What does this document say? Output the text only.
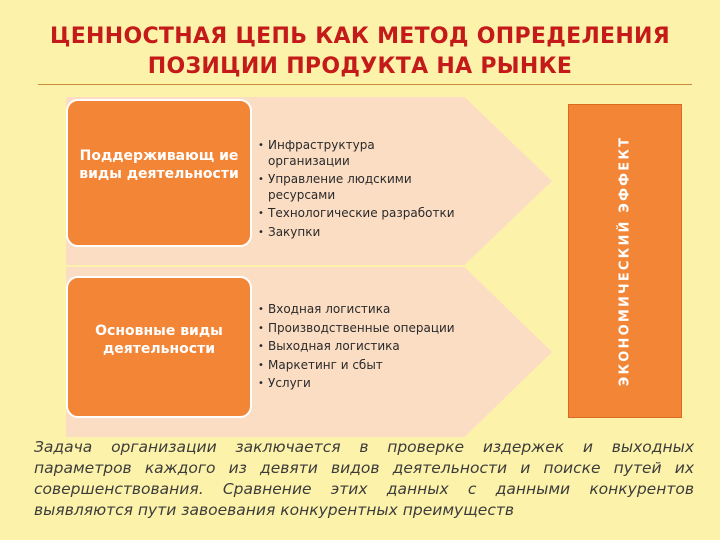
ЦЕННОСТНАЯ ЦЕПЬ КАК МЕТОД ОПРЕДЕЛЕНИЯ
ПОЗИЦИИ ПРОДУКТА НА РЫНКЕ
Поддерживающ ие виды деятельности
• Инфраструктура организации
• Управление людскими ресурсами
• Технологические разработки
• Закупки
Основные виды деятельности
• Входная логистика
• Производственные операции
• Выходная логистика
• Маркетинг и сбыт
• Услуги	ЭКОНОМИЧЕСКИЙ ЭФФЕКТ
Задача организации заключается в проверке издержек и выходных параметров каждого из девяти видов деятельности и поиске путей их совершенствования. Сравнение этих данных с данными конкурентов выявляются пути завоевания конкурентных преимуществ
